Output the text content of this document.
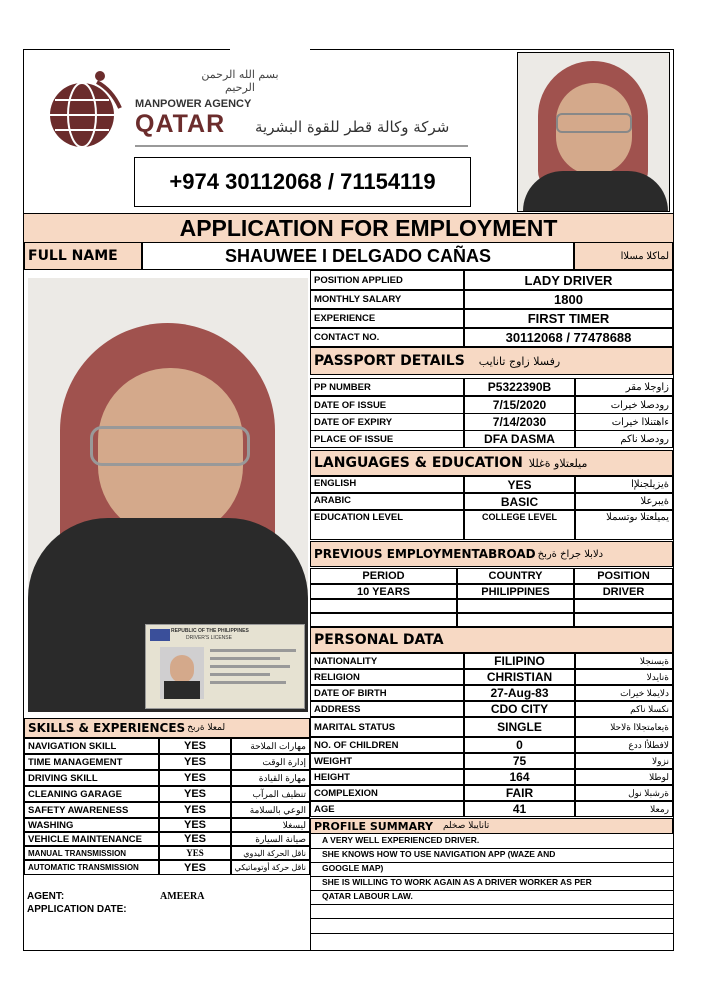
بسم الله الرحمن الرحيم
MANPOWER AGENCY
QATAR شركة وكالة قطر للقوة البشرية
+974 30112068 / 71154119
APPLICATION FOR EMPLOYMENT
FULL NAME	SHAUWEE I DELGADO CAÑAS	لماكلا مسلاا
REPUBLIC OF THE PHILIPPINES
DRIVER'S LICENSE
PASSPORT DETAILS رفسلا زاوج تانايب
LANGUAGES & EDUCATION ميلعتلاو ةغللا
PREVIOUS EMPLOYMENTABROAD دلابلا جراخ ةربخ
PERSONAL DATA
SKILLS & EXPERIENCES لمعلا ةربخ
AGENT:	AMEERA
APPLICATION DATE:
PROFILE SUMMARY تانايبلا صخلم
POSITION APPLIED	LADY DRIVER
MONTHLY SALARY	1800
EXPERIENCE	FIRST TIMER
CONTACT NO.	30112068 / 77478688
PP NUMBER	P5322390B	زاوجلا مقر
DATE OF ISSUE	7/15/2020	رودصلا خيرات
DATE OF EXPIRY	7/14/2030	ءاهتنلاا خيرات
PLACE OF ISSUE	DFA DASMA	رودصلا ناكم
ENGLISH	YES	ةيزيلجنلإا
ARABIC	BASIC	ةيبرعلا
EDUCATION LEVEL	COLLEGE LEVEL	يميلعتلا ىوتسملا
PERIOD	COUNTRY	POSITION
10 YEARS	PHILIPPINES	DRIVER
NATIONALITY	FILIPINO	ةيسنجلا
RELIGION	CHRISTIAN	ةنايدلا
DATE OF BIRTH	27-Aug-83	دلايملا خيرات
ADDRESS	CDO CITY	نكسلا ناكم
MARITAL STATUS	SINGLE	ةيعامتجلاا ةلاحلا
NO. OF CHILDREN	0	لافطلأا ددع
WEIGHT	75	نزولا
HEIGHT	164	لوطلا
COMPLEXION	FAIR	ةرشبلا نول
AGE	41	رمعلا
NAVIGATION SKILL	YES	مهارات الملاحة
TIME MANAGEMENT	YES	إدارة الوقت
DRIVING SKILL	YES	مهارة القيادة
CLEANING GARAGE	YES	تنظيف المرآب
SAFETY AWARENESS	YES	الوعي بالسلامة
WASHING	YES	ليسغلا
VEHICLE MAINTENANCE	YES	صيانة السيارة
MANUAL TRANSMISSION	YES	ناقل الحركة اليدوي
AUTOMATIC TRANSMISSION	YES	ناقل حركة أوتوماتيكي
A VERY WELL EXPERIENCED DRIVER.
SHE KNOWS HOW TO USE NAVIGATION APP (WAZE AND
GOOGLE MAP)
SHE IS WILLING TO WORK AGAIN AS A DRIVER WORKER AS PER
QATAR LABOUR LAW.
